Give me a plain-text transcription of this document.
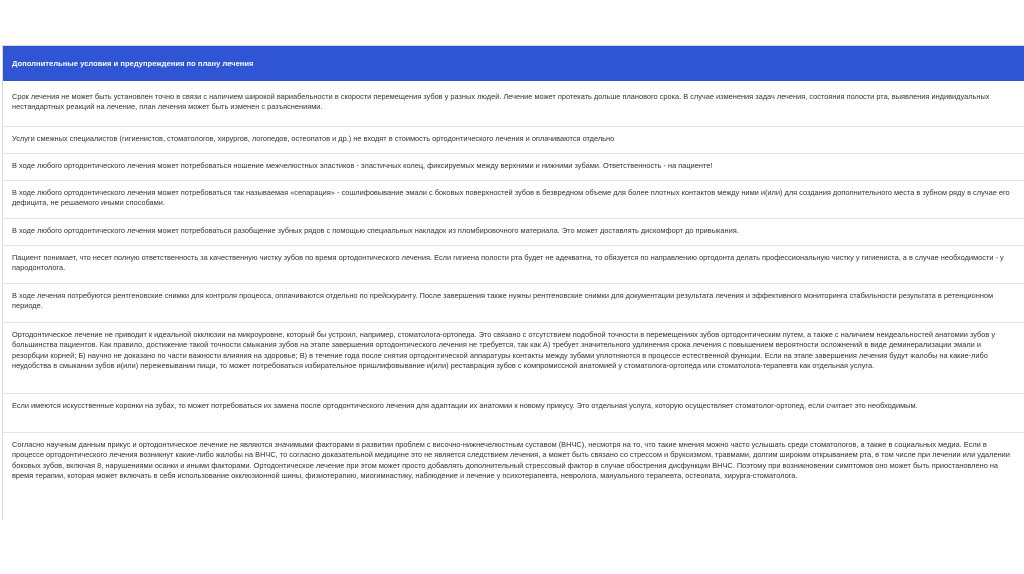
Дополнительные условия и предупреждения по плану лечения

Срок лечения не может быть установлен точно в связи с наличием широкой вариабельности в скорости перемещения зубов у разных людей. Лечение может протекать дольше планового срока. В случае изменения задач лечения, состояния полости рта, выявления индивидуальных нестандартных реакций на лечение, план лечения может быть изменен с разъяснениями.

Услуги смежных специалистов (гигиенистов, стоматологов, хирургов, логопедов, остеопатов и др.) не входят в стоимость ортодонтического лечения и оплачиваются отдельно

В ходе любого ортодонтического лечения может потребоваться ношение межчелюстных эластиков - эластичных колец, фиксируемых между верхними и нижними зубами. Ответственность - на пациенте!

В ходе любого ортодонтического лечения может потребоваться так называемая «сепарация» - сошлифовывание эмали с боковых поверхностей зубов в безвредном объеме для более плотных контактов между ними и(или) для создания дополнительного места в зубном ряду в случае его дефицита, не решаемого иными способами.

В ходе любого ортодонтического лечения может потребоваться разобщение зубных рядов с помощью специальных накладок из пломбировочного материала. Это может доставлять дискомфорт до привыкания.

Пациент понимает, что несет полную ответственность за качественную чистку зубов по время ортодонтического лечения. Если гигиена полости рта будет не адекватна, то обязуется по направлению ортодонта делать профессиональную чистку у гигиениста, а в случае необходимости - у пародонтолога.

В ходе лечения потребуются рентгеновские снимки для контроля процесса, оплачиваются отдельно по прейскуранту. После завершения также нужны рентгеновские снимки для документации результата лечения и эффективного мониторинга стабильности результата в ретенционном периоде.

Ортодонтическое лечение не приводит к идеальной окклюзии на микроуровне, который бы устроил, например, стоматолога-ортопеда. Это связано с отсутствием подобной точности в перемещениях зубов ортодонтическим путем, а также с наличием неидеальностей анатомии зубов у большинства пациентов. Как правило, достижение такой точности смыкания зубов на этапе завершения ортодонтического лечения не требуется, так как А) требует значительного удлинения срока лечения с повышением вероятности осложнений в виде деминерализации эмали и резорбции корней; Б) научно не доказано по части важности влияния на здоровье; В) в течение года после снятия ортодонтической аппаратуры контакты между зубами уплотняются в процессе естественной функции. Если на этапе завершения лечения будут жалобы на какие-либо неудобства в смыкании зубов и(или) пережевывании пищи, то может потребоваться избирательное пришлифовывание и(или) реставрация зубов с компромиссной анатомией у стоматолога-ортопеда или стоматолога-терапевта как отдельная услуга.

Если имеются искусственные коронки на зубах, то может потребоваться их замена после ортодонтического лечения для адаптации их анатомии к новому прикусу. Это отдельная услуга, которую осуществляет стоматолог-ортопед, если считает это необходимым.

Согласно научным данным прикус и ортодонтическое лечение не являются значимыми факторами в развитии проблем с височно-нижнечелюстным суставом (ВНЧС), несмотря на то, что такие мнения можно часто услышать среди стоматологов, а также в социальных медиа. Если в процессе ортодонтического лечения возникнут какие-либо жалобы на ВНЧС, то согласно доказательной медицине это не является следствием лечения, а может быть связано со стрессом и бруксизмом, травмами, долгим широким открыванием рта, в том числе при лечении или удалении боковых зубов, включая 8, нарушениями осанки и иными факторами. Ортодонтическое лечение при этом может просто добавлять дополнительный стрессовый фактор в случае обострения дисфункции ВНЧС. Поэтому при возникновении симптомов оно может быть приостановлено на время терапии, которая может включать в себя использование окклюзионной шины, физиотерапию, миогимнастику, наблюдение и лечение у психотерапевта, невролога, мануального терапевта, остеопата, хирурга-стоматолога.
